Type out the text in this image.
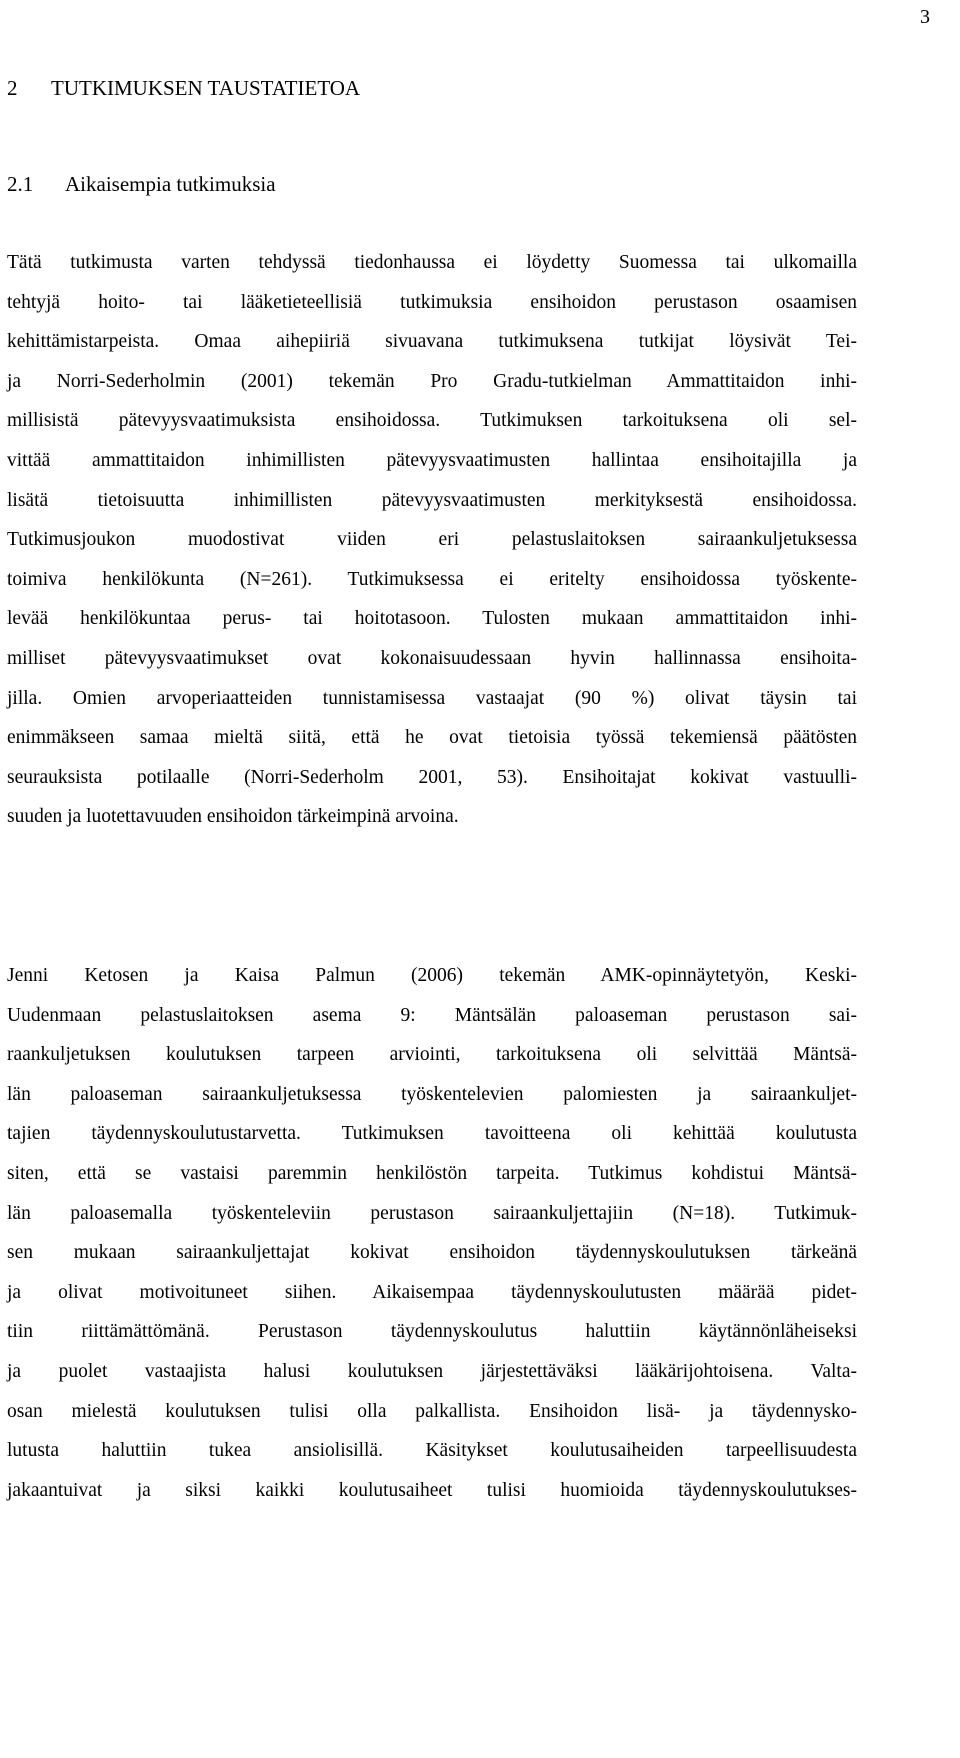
3
2 TUTKIMUKSEN TAUSTATIETOA
2.1 Aikaisempia tutkimuksia
Tätä tutkimusta varten tehdyssä tiedonhaussa ei löydetty Suomessa tai ulkomailla
tehtyjä hoito- tai lääketieteellisiä tutkimuksia ensihoidon perustason osaamisen
kehittämistarpeista. Omaa aihepiiriä sivuavana tutkimuksena tutkijat löysivät Tei-
ja Norri-Sederholmin (2001) tekemän Pro Gradu-tutkielman Ammattitaidon inhi-
millisistä pätevyysvaatimuksista ensihoidossa. Tutkimuksen tarkoituksena oli sel-
vittää ammattitaidon inhimillisten pätevyysvaatimusten hallintaa ensihoitajilla ja
lisätä tietoisuutta inhimillisten pätevyysvaatimusten merkityksestä ensihoidossa.
Tutkimusjoukon muodostivat viiden eri pelastuslaitoksen sairaankuljetuksessa
toimiva henkilökunta (N=261). Tutkimuksessa ei eritelty ensihoidossa työskente-
levää henkilökuntaa perus- tai hoitotasoon. Tulosten mukaan ammattitaidon inhi-
milliset pätevyysvaatimukset ovat kokonaisuudessaan hyvin hallinnassa ensihoita-
jilla. Omien arvoperiaatteiden tunnistamisessa vastaajat (90 %) olivat täysin tai
enimmäkseen samaa mieltä siitä, että he ovat tietoisia työssä tekemiensä päätösten
seurauksista potilaalle (Norri-Sederholm 2001, 53). Ensihoitajat kokivat vastuulli-
suuden ja luotettavuuden ensihoidon tärkeimpinä arvoina.
Jenni Ketosen ja Kaisa Palmun (2006) tekemän AMK-opinnäytetyön, Keski-
Uudenmaan pelastuslaitoksen asema 9: Mäntsälän paloaseman perustason sai-
raankuljetuksen koulutuksen tarpeen arviointi, tarkoituksena oli selvittää Mäntsä-
län paloaseman sairaankuljetuksessa työskentelevien palomiesten ja sairaankuljet-
tajien täydennyskoulutustarvetta. Tutkimuksen tavoitteena oli kehittää koulutusta
siten, että se vastaisi paremmin henkilöstön tarpeita. Tutkimus kohdistui Mäntsä-
län paloasemalla työskenteleviin perustason sairaankuljettajiin (N=18). Tutkimuk-
sen mukaan sairaankuljettajat kokivat ensihoidon täydennyskoulutuksen tärkeänä
ja olivat motivoituneet siihen. Aikaisempaa täydennyskoulutusten määrää pidet-
tiin riittämättömänä. Perustason täydennyskoulutus haluttiin käytännönläheiseksi
ja puolet vastaajista halusi koulutuksen järjestettäväksi lääkärijohtoisena. Valta-
osan mielestä koulutuksen tulisi olla palkallista. Ensihoidon lisä- ja täydennysko-
lutusta haluttiin tukea ansiolisillä. Käsitykset koulutusaiheiden tarpeellisuudesta
jakaantuivat ja siksi kaikki koulutusaiheet tulisi huomioida täydennyskoulutukses-
